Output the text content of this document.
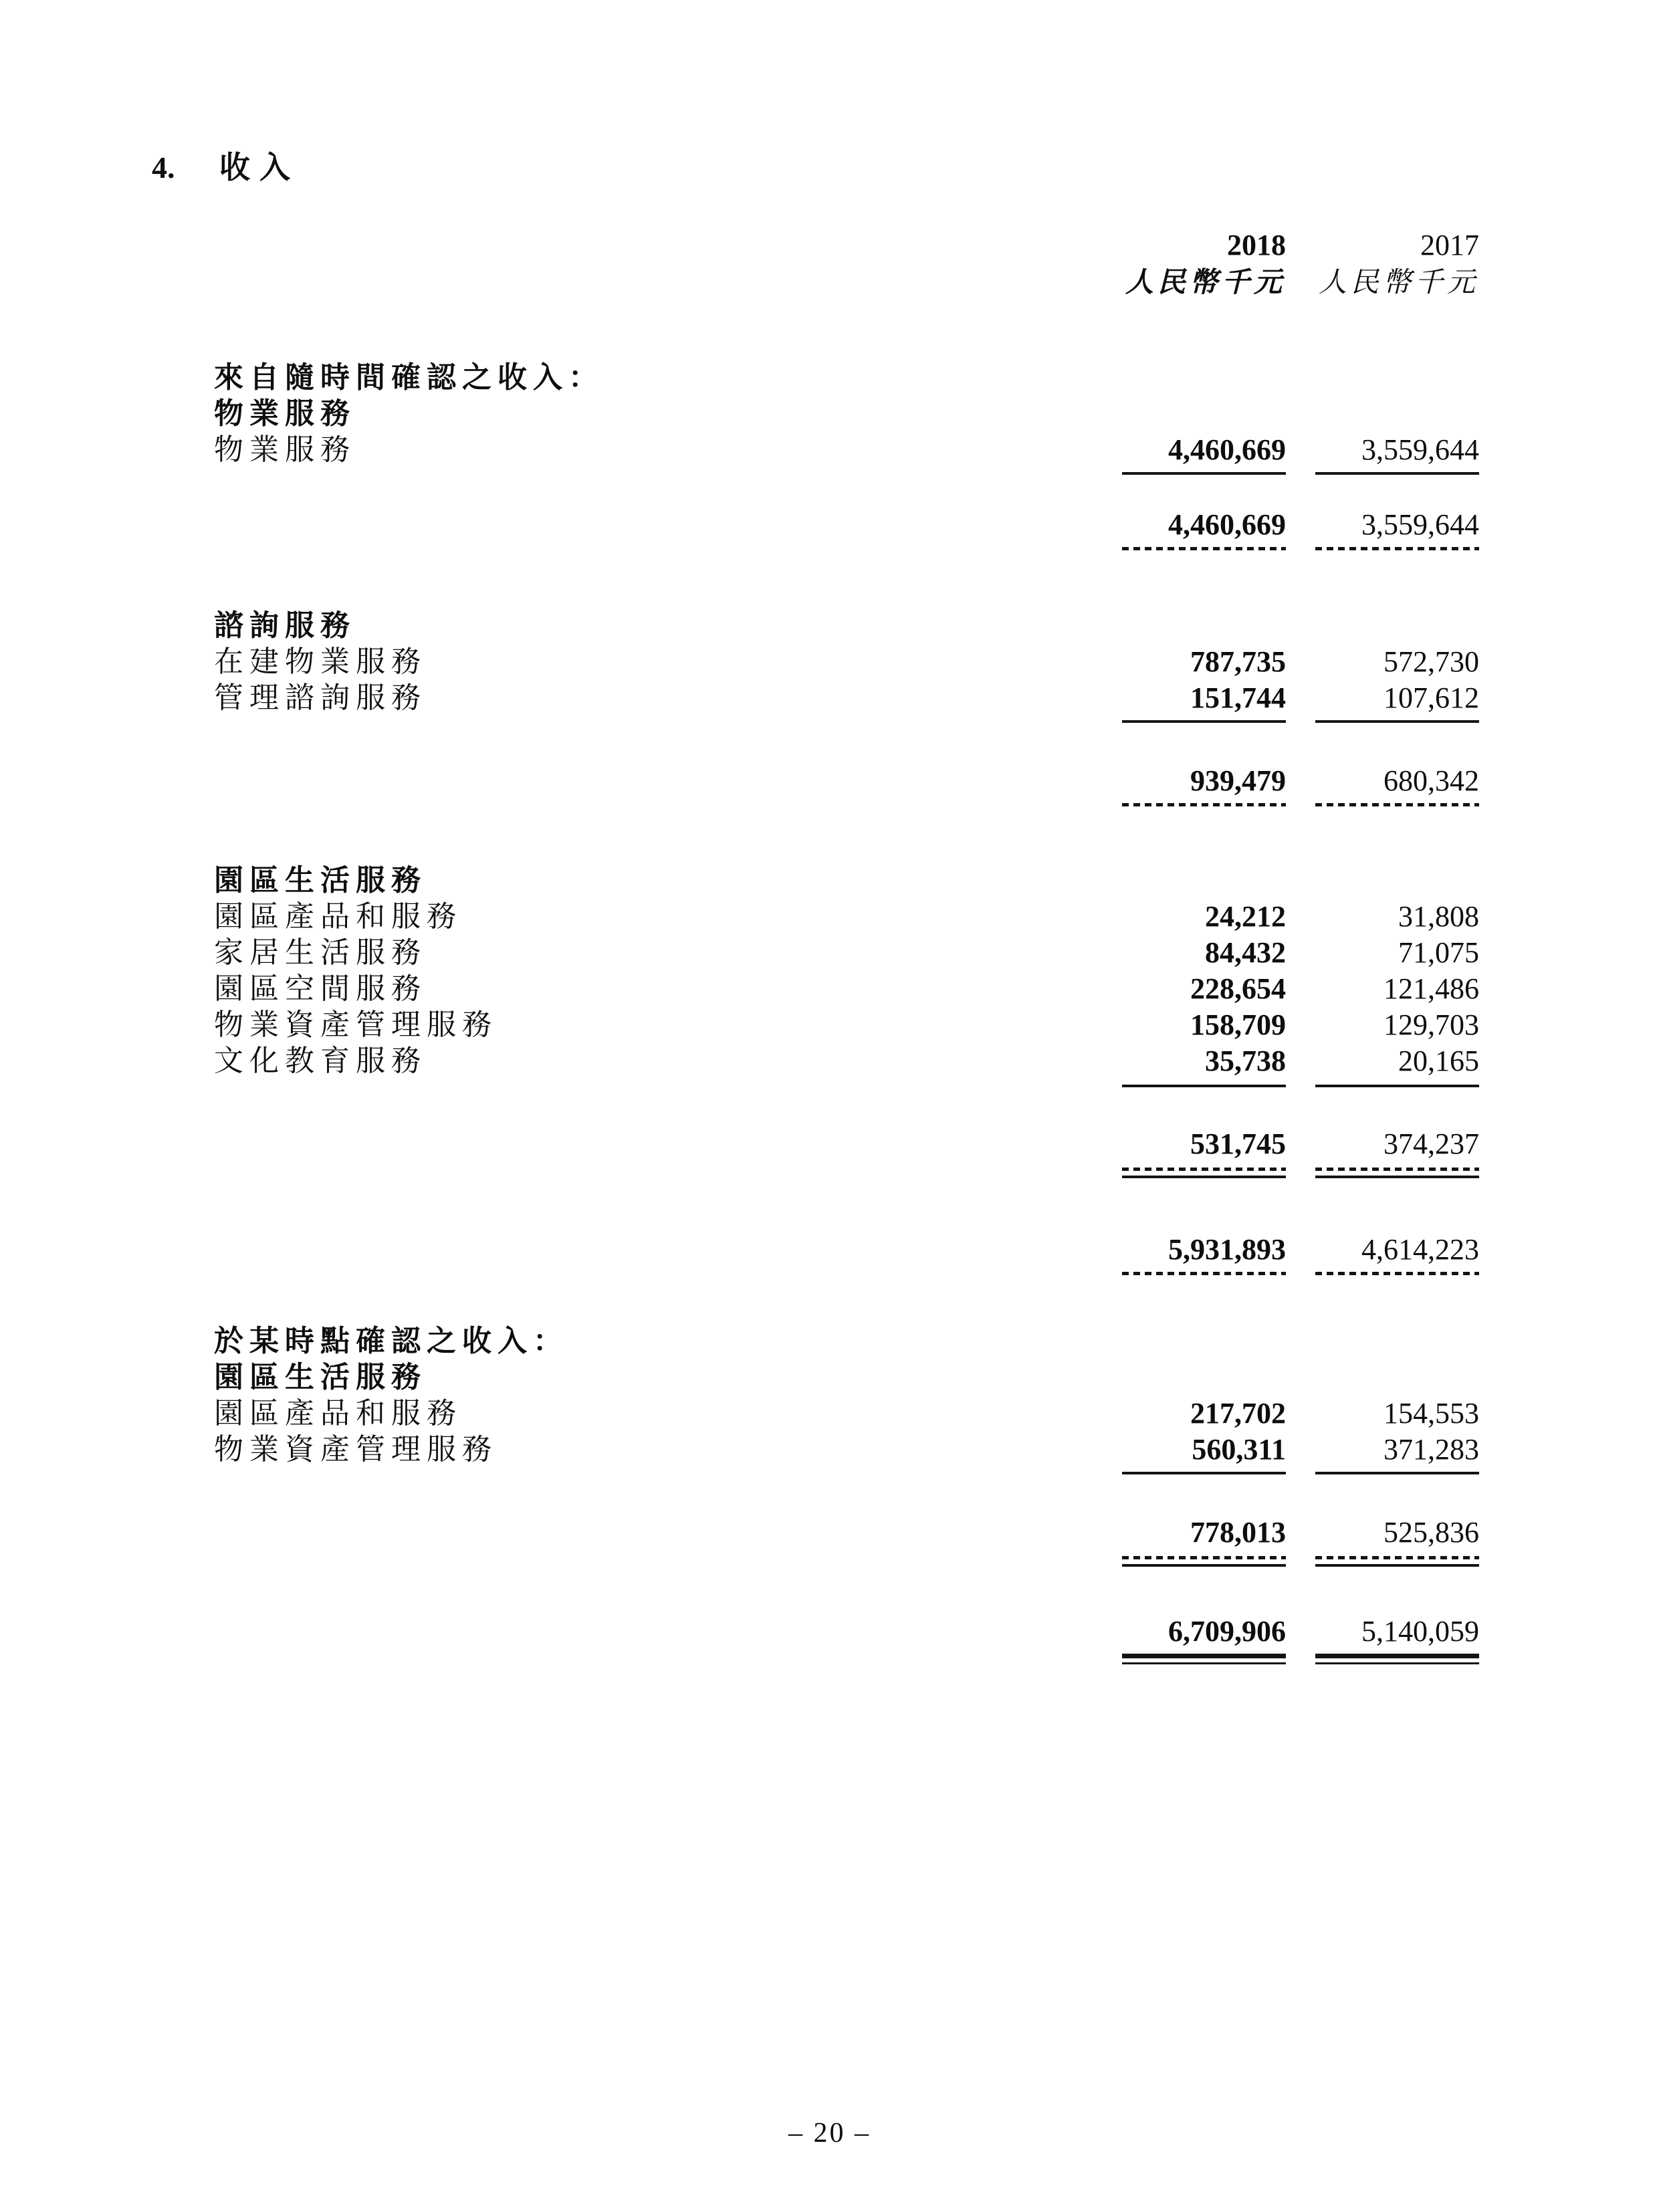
4.	收入
2018	2017
人民幣千元 人民幣千元
來自隨時間確認之收入：
物業服務
物業服務	4,460,669	3,559,644
4,460,669	3,559,644
諮詢服務
在建物業服務	787,735	572,730
管理諮詢服務	151,744	107,612
939,479	680,342
園區生活服務
園區產品和服務	24,212	31,808
家居生活服務	84,432	71,075
園區空間服務	228,654	121,486
物業資產管理服務	158,709	129,703
文化教育服務	35,738	20,165
531,745	374,237
5,931,893	4,614,223
於某時點確認之收入：
園區生活服務
園區產品和服務	217,702	154,553
物業資產管理服務	560,311	371,283
778,013	525,836
6,709,906	5,140,059
– 20 –
